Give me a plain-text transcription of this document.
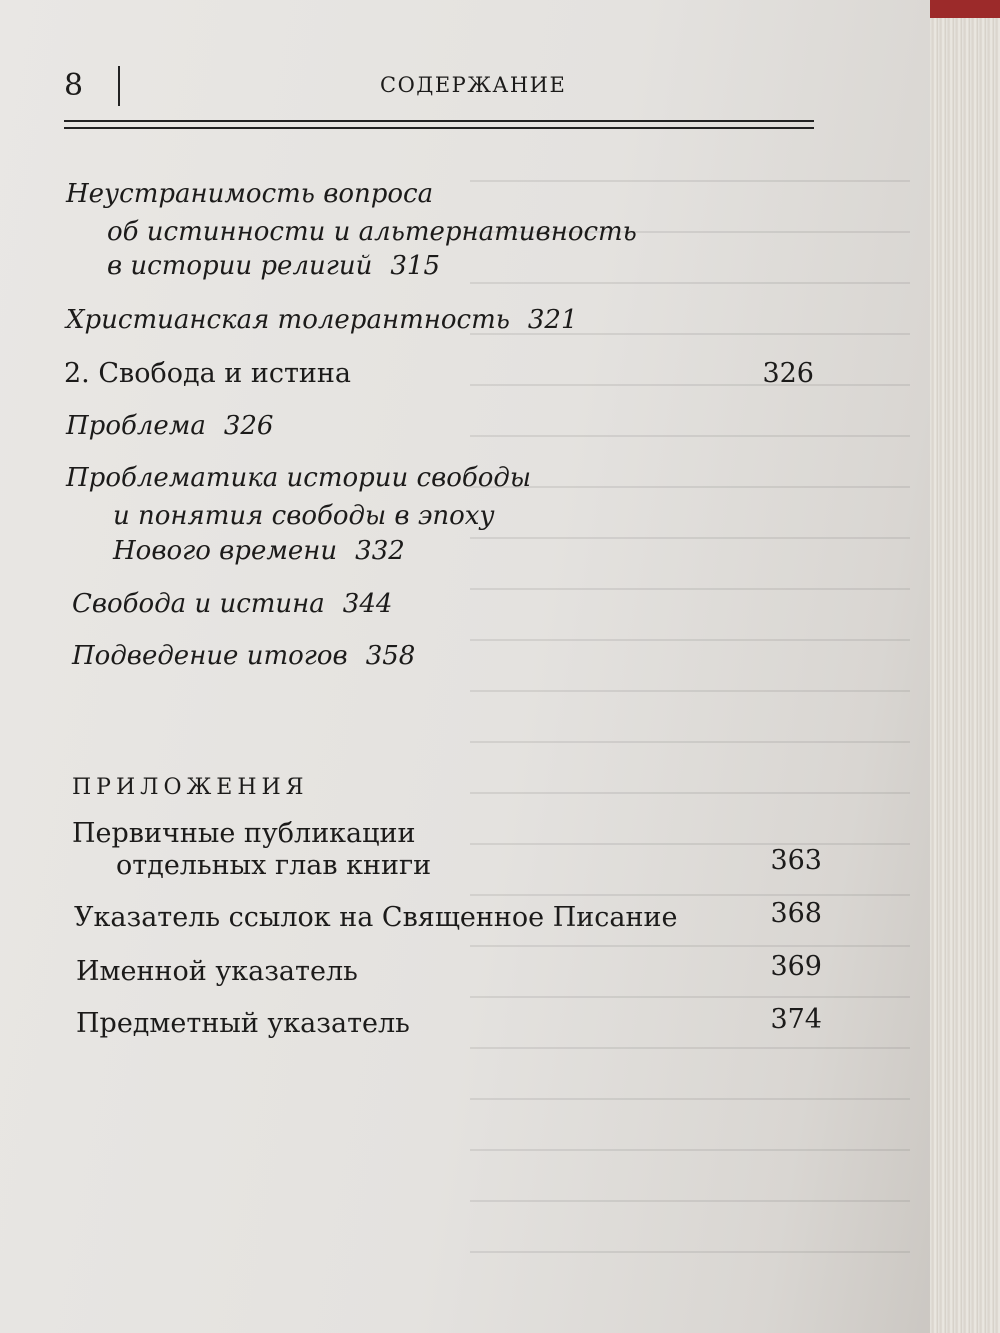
8	СОДЕРЖАНИЕ
Неустранимость вопроса
об истинности и альтернативность
в истории религий 315
Христианская толерантность 321
2. Свобода и истина	326
Проблема 326
Проблематика истории свободы
и понятия свободы в эпоху
Нового времени 332
Свобода и истина 344
Подведение итогов 358
ПРИЛОЖЕНИЯ
Первичные публикации
отдельных глав книги	363
Указатель ссылок на Священное Писание	368
Именной указатель	369
Предметный указатель	374
